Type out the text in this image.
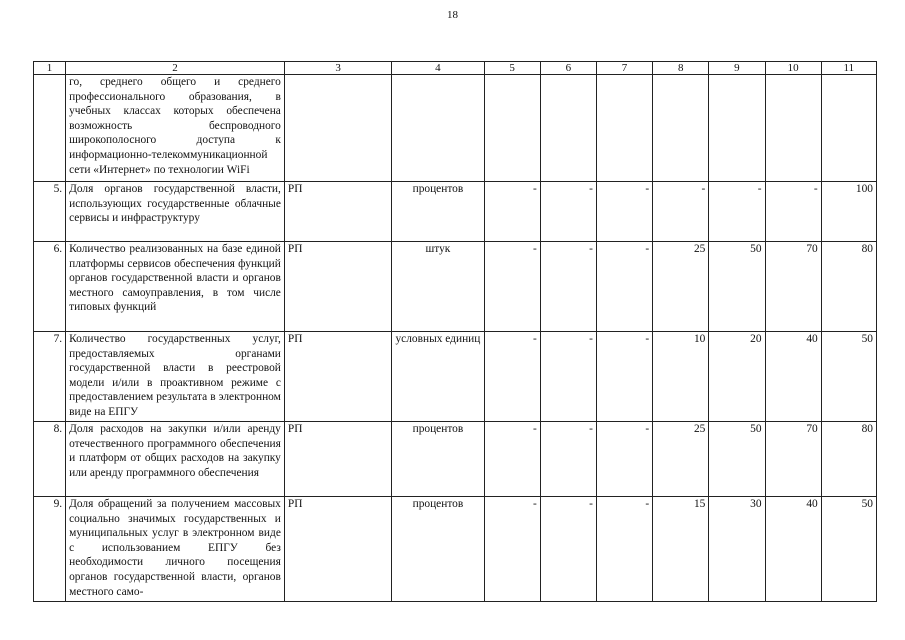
18
1	2	3	4	5	6	7	8	9	10	11
	го, среднего общего и среднего профессионального образования, в учебных классах которых обеспечена возможность беспроводного широкополосного доступа к информационно-телекоммуникационной сети «Интернет» по технологии WiFi									
5.	Доля органов государственной власти, использующих государственные облачные сервисы и инфраструктуру	РП	процентов	-	-	-	-	-	-	100
6.	Количество реализованных на базе единой платформы сервисов обеспечения функций органов государственной власти и органов местного самоуправления, в том числе типовых функций	РП	штук	-	-	-	25	50	70	80
7.	Количество государственных услуг, предоставляемых органами государственной власти в реестровой модели и/или в проактивном режиме с предоставлением результата в электронном виде на ЕПГУ	РП	условных единиц	-	-	-	10	20	40	50
8.	Доля расходов на закупки и/или аренду отечественного программного обеспечения и платформ от общих расходов на закупку или аренду программного обеспечения	РП	процентов	-	-	-	25	50	70	80
9.	Доля обращений за получением массовых социально значимых государственных и муниципальных услуг в электронном виде с использованием ЕПГУ без необходимости личного посещения органов государственной власти, органов местного само-	РП	процентов	-	-	-	15	30	40	50
